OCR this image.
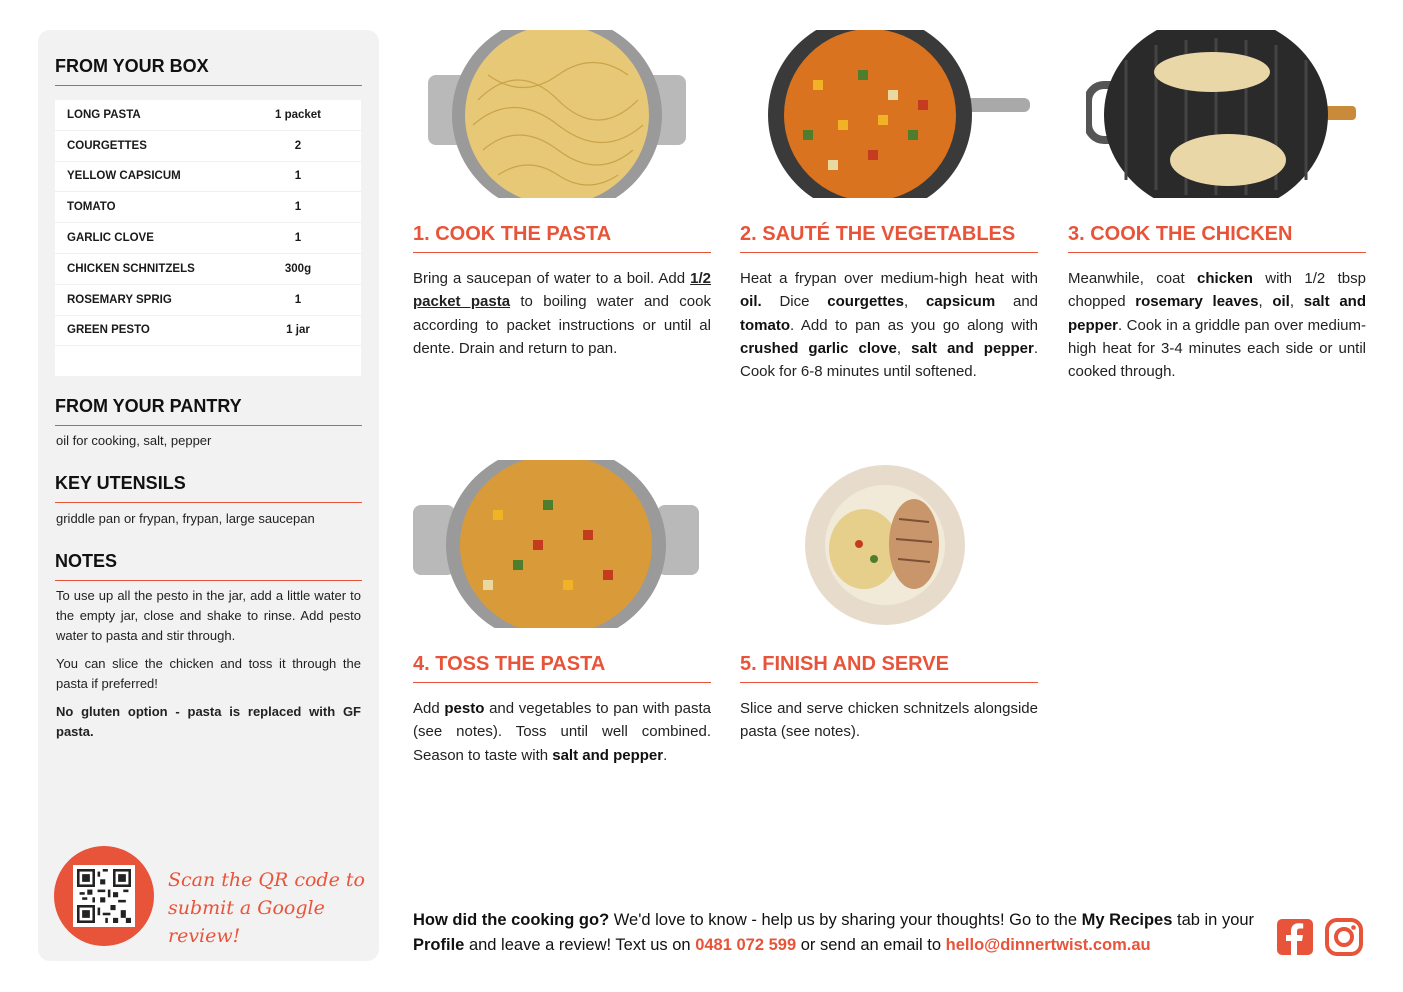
FROM YOUR BOX
LONG PASTA	1 packet
COURGETTES	2
YELLOW CAPSICUM	1
TOMATO	1
GARLIC CLOVE	1
CHICKEN SCHNITZELS	300g
ROSEMARY SPRIG	1
GREEN PESTO	1 jar
FROM YOUR PANTRY
oil for cooking, salt, pepper
KEY UTENSILS
griddle pan or frypan, frypan, large saucepan
NOTES

To use up all the pesto in the jar, add a little water to the empty jar, close and shake to rinse. Add pesto water to pasta and stir through.

You can slice the chicken and toss it through the pasta if preferred!

No gluten option - pasta is replaced with GF pasta.

Scan the QR code to
submit a Google review!
1. COOK THE PASTA
Bring a saucepan of water to a boil. Add 1/2 packet pasta to boiling water and cook according to packet instructions or until al dente. Drain and return to pan.
2. SAUTÉ THE VEGETABLES
Heat a frypan over medium-high heat with oil. Dice courgettes, capsicum and tomato. Add to pan as you go along with crushed garlic clove, salt and pepper. Cook for 6-8 minutes until softened.
3. COOK THE CHICKEN
Meanwhile, coat chicken with 1/2 tbsp chopped rosemary leaves, oil, salt and pepper. Cook in a griddle pan over medium-high heat for 3-4 minutes each side or until cooked through.
4. TOSS THE PASTA
Add pesto and vegetables to pan with pasta (see notes). Toss until well combined. Season to taste with salt and pepper.
5. FINISH AND SERVE
Slice and serve chicken schnitzels alongside pasta (see notes).
How did the cooking go? We'd love to know - help us by sharing your thoughts! Go to the My Recipes tab in your Profile and leave a review! Text us on 0481 072 599 or send an email to hello@dinnertwist.com.au
